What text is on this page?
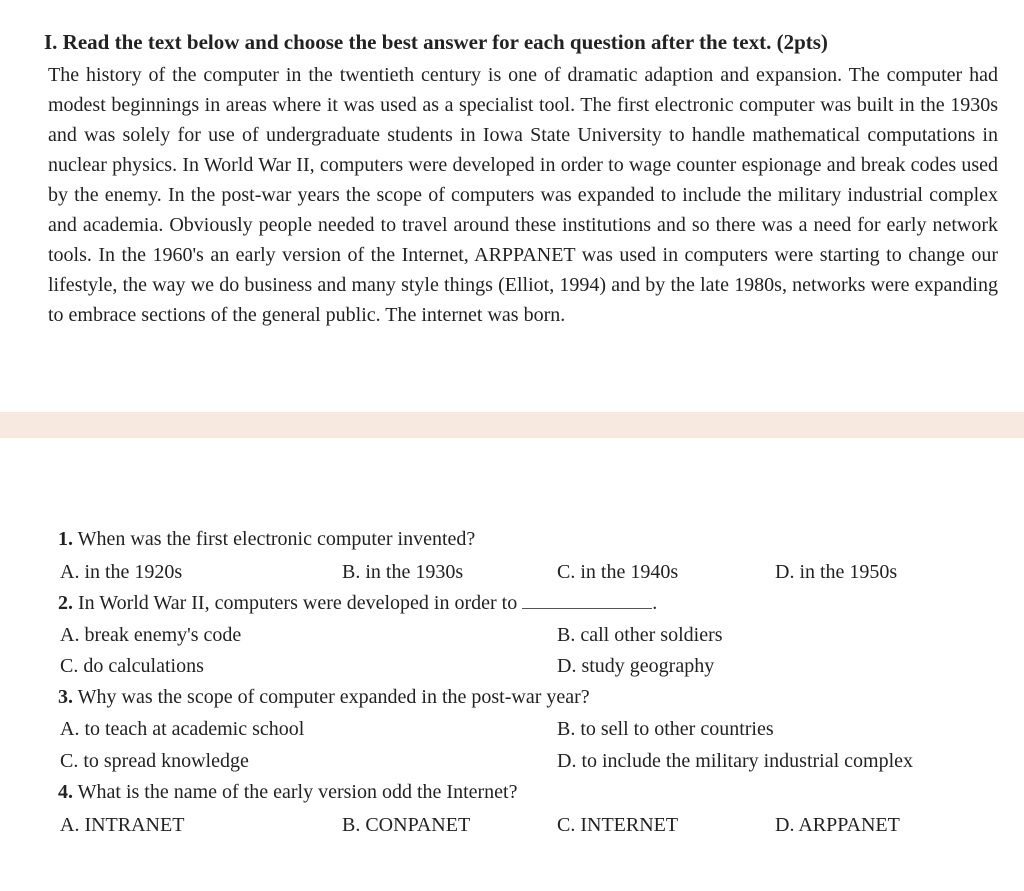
I. Read the text below and choose the best answer for each question after the text. (2pts)
The history of the computer in the twentieth century is one of dramatic adaption and expansion. The computer had modest beginnings in areas where it was used as a specialist tool. The first electronic computer was built in the 1930s and was solely for use of undergraduate students in Iowa State University to handle mathematical computations in nuclear physics. In World War II, computers were developed in order to wage counter espionage and break codes used by the enemy. In the post-war years the scope of computers was expanded to include the military industrial complex and academia. Obviously people needed to travel around these institutions and so there was a need for early network tools. In the 1960's an early version of the Internet, ARPPANET was used in computers were starting to change our lifestyle, the way we do business and many style things (Elliot, 1994) and by the late 1980s, networks were expanding to embrace sections of the general public. The internet was born.
1. When was the first electronic computer invented?
A. in the 1920s	B. in the 1930s	C. in the 1940s	D. in the 1950s
2. In World War II, computers were developed in order to	.
A. break enemy's code	B. call other soldiers
C. do calculations	D. study geography
3. Why was the scope of computer expanded in the post-war year?
A. to teach at academic school	B. to sell to other countries
C. to spread knowledge	D. to include the military industrial complex
4. What is the name of the early version odd the Internet?
A. INTRANET	B. CONPANET	C. INTERNET	D. ARPPANET
